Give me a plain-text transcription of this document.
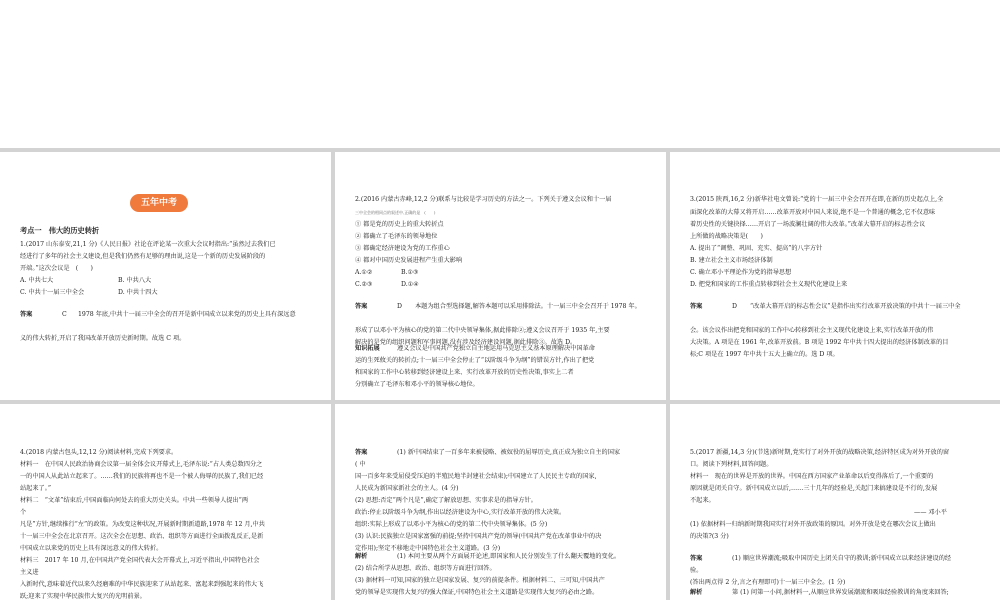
五年中考
考点一　伟大的历史转折
1.(2017 山东泰安,21,1 分)《人民日报》社论在评论某一次重大会议时指出:“虽然过去我们已
经进行了多年的社会主义建设,但是我们仍然有足够的理由说,这是一个新的历史发展阶段的
开端。”这次会议是　(　　)
A. 中共七大	B. 中共八大
C. 中共十一届三中全会	D. 中共十四大
答案	C 1978 年底,中共十一届三中全会的召开是新中国成立以来党的历史上具有深远意
义的伟大转折,开启了我国改革开放历史新时期。故选 C 项。
2.(2016 内蒙古赤峰,12,2 分)联系与比较是学习历史的方法之一。下列关于遵义会议和十一届
三中全会的相同点的叙述中,正确的是　(　　)
① 都是党的历史上的重大转折点
② 都确立了毛泽东的领导地位
③ 都确定经济建设为党的工作重心
④ 都对中国历史发展进程产生重大影响
A.①②	B.①③
C.②③	D.①④
答案	D 本题为组合型选择题,解答本题可以采用排除法。十一届三中全会召开于 1978 年。
形成了以邓小平为核心的党的第二代中央领导集体,据此排除②;遵义会议召开于 1935 年,主要
解决的是党的组织问题和军事问题,没有涉及经济建设问题,据此排除③。故选 D。
知识拓展	遵义会议是中国共产党独立自主地运用马克思主义基本原理解决中国革命
运的生死攸关的转折点;十一届三中全会停止了“以阶级斗争为纲”的错误方针,作出了把党
和国家的工作中心转移到经济建设上来、实行改革开放的历史性决策,事实上二者
分别确立了毛泽东和邓小平的领导核心地位。
3.(2015 陕西,16,2 分)新华社电文曾说:“党的十一届三中全会召开在即,在新的历史起点上,全
面深化改革的大幕又将开启……改革开放对中国人来说,绝不是一个普通的概念,它不仅意味
着历史性的关键抉择……开启了一场波澜壮阔的伟大改革。”改革大幕开启的标志性会议
上所做的战略决策是(　　)
A. 提出了“调整、巩固、充实、提高”的八字方针
B. 建立社会主义市场经济体制
C. 确立邓小平理论作为党的指导思想
D. 把党和国家的工作重点转移到社会主义现代化建设上来
答案	D “改革大幕开启的标志性会议”是指作出实行改革开放决策的中共十一届三中全
会。该会议作出把党和国家的工作中心转移到社会主义现代化建设上来,实行改革开放的伟
大决策。A 项是在 1961 年,改革开放前。B 项是 1992 年中共十四大提出的经济体制改革的目
标;C 项是在 1997 年中共十五大上确立的。选 D 项。
4.(2018 内蒙古包头,12,12 分)阅读材料,完成下列要求。
材料一　在中国人民政治协商会议第一届全体会议开幕式上,毛泽东说:“占人类总数四分之
一的中国人从此站立起来了。……我们的民族将再也不是一个被人侮辱的民族了,我们已经
站起来了。”
材料二　“文革”结束后,中国面临向何处去的重大历史关头。中共一些领导人提出“两
个
凡是”方针,继续推行“左”的政策。为改变这种状况,开展新时期新道路,1978 年 12 月,中共
十一届三中全会在北京召开。这次全会在思想、政治、组织等方面进行全面拨乱反正,是新
中国成立以来党的历史上具有深远意义的伟大转折。
材料三　2017 年 10 月,在中国共产党全国代表大会开幕式上,习近平指出,中国特色社会
主义进
入新时代,意味着近代以来久经磨难的中华民族迎来了从站起来、富起来到强起来的伟大飞
跃;迎来了实现中华民族伟大复兴的光明前景。
答案	(1) 新中国结束了一百多年来被侵略、被奴役的屈辱历史,真正成为独立自主的国家
( 中
国一百多年来受屈侵受压迫的半殖民地半封建社会结束);中国建立了人民民主专政的国家,
人民成为新国家新社会的主人。(4 分)
(2) 思想:否定“两个凡是”,确定了解放思想、实事求是的指导方针。
政治:停止以阶级斗争为纲,作出以经济建设为中心,实行改革开放的伟大决策。
组织:实际上形成了以邓小平为核心的党的第二代中央领导集体。(5 分)
(3) 认识:民族独立是国家富强的前提;坚持中国共产党的领导(中国共产党在改革事业中的决
定作用);坚定不移地走中国特色社会主义道路。(3 分)
解析	(1) 本问主要从两个方面展开论述,即国家和人民分别发生了什么翻天覆地的变化。
(2) 结合所学从思想、政治、组织等方面进行回答。
(3) 据材料一可知,国家的独立是国家发展、复兴的前提条件。根据材料二、三可知,中国共产
党的领导是实现伟大复兴的强大保证,中国特色社会主义道路是实现伟大复兴的必由之路。
5.(2017 新疆,14,3 分)(节选)新时期,党实行了对外开放的战略决策,经济特区成为对外开放的窗
口。阅读下列材料,回答问题。
材料一　现在的世界是开放的世界。中国在西方国家产业革命以后变得落后了,一个重要的
原因就是闭关自守。新中国成立以后,……三十几年的经验是,关起门来搞建设是不行的,发展
不起来。
—— 邓小平
(1) 依据材料一归纳新时期我国实行对外开放政策的原因。对外开放是党在哪次会议上做出
的决策?(3 分)
答案	(1) 顺应世界潮流;吸取中国历史上闭关自守的教训;新中国成立以来经济建设的经
验。
(答出两点得 2 分,言之有理即可)十一届三中全会。(1 分)
解析	第 (1) 问第一小问,据材料一,从顺应世界发展潮流和吸取经验教训的角度来回答;
